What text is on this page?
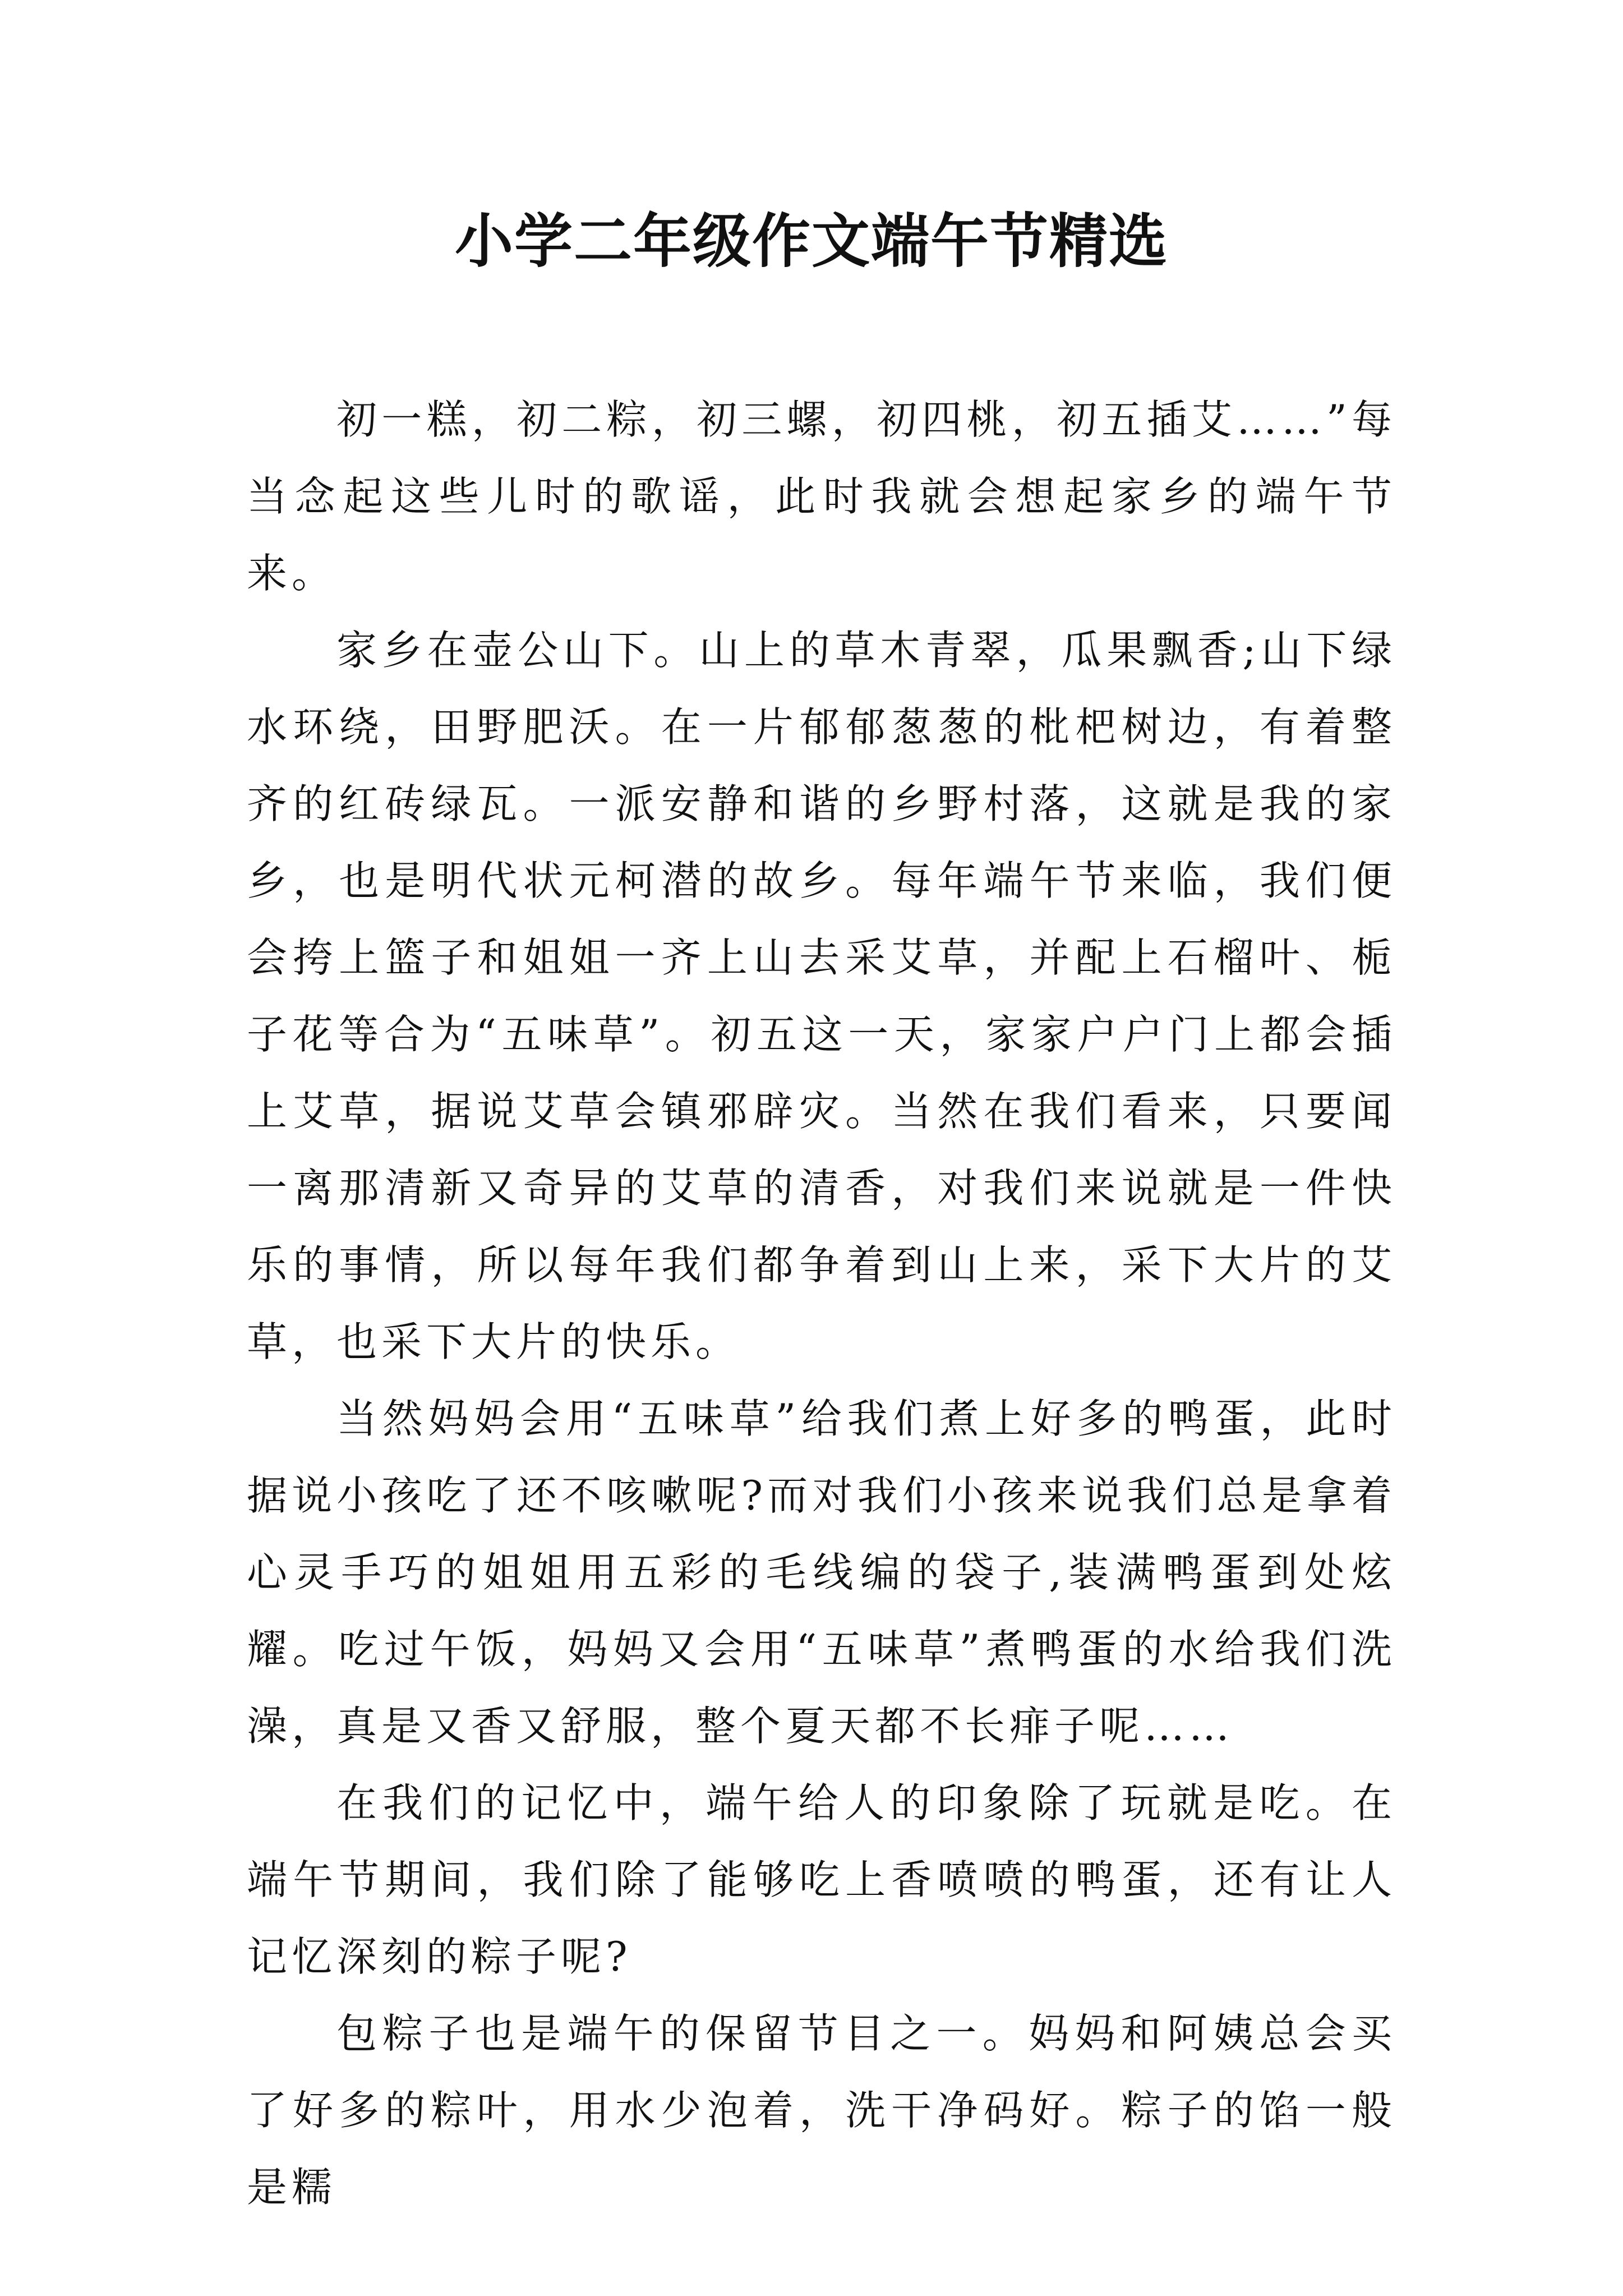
小学二年级作文端午节精选

初一糕，初二粽，初三螺，初四桃，初五插艾……”每当念起这些儿时的歌谣，此时我就会想起家乡的端午节来。

家乡在壶公山下。山上的草木青翠，瓜果飘香;山下绿水环绕，田野肥沃。在一片郁郁葱葱的枇杷树边，有着整齐的红砖绿瓦。一派安静和谐的乡野村落，这就是我的家乡，也是明代状元柯潜的故乡。每年端午节来临，我们便会挎上篮子和姐姐一齐上山去采艾草，并配上石榴叶、栀子花等合为“五味草”。初五这一天，家家户户门上都会插上艾草，据说艾草会镇邪辟灾。当然在我们看来，只要闻一离那清新又奇异的艾草的清香，对我们来说就是一件快乐的事情，所以每年我们都争着到山上来，采下大片的艾草，也采下大片的快乐。

当然妈妈会用“五味草”给我们煮上好多的鸭蛋，此时据说小孩吃了还不咳嗽呢?而对我们小孩来说我们总是拿着心灵手巧的姐姐用五彩的毛线编的袋子,装满鸭蛋到处炫耀。吃过午饭，妈妈又会用“五味草”煮鸭蛋的水给我们洗澡，真是又香又舒服，整个夏天都不长痱子呢……

在我们的记忆中，端午给人的印象除了玩就是吃。在端午节期间，我们除了能够吃上香喷喷的鸭蛋，还有让人记忆深刻的粽子呢?

包粽子也是端午的保留节目之一。妈妈和阿姨总会买了好多的粽叶，用水少泡着，洗干净码好。粽子的馅一般是糯
